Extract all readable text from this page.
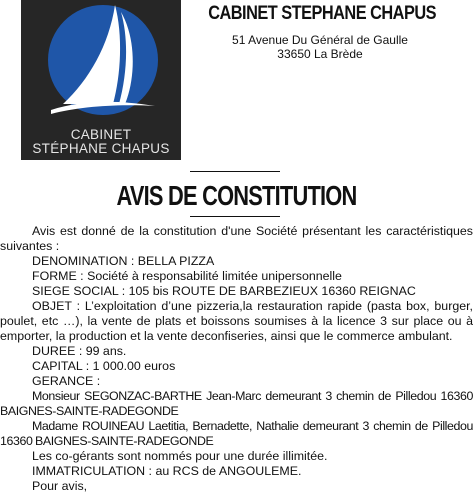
CABINET
STÉPHANE CHAPUS
CABINET STEPHANE CHAPUS
51 Avenue Du Général de Gaulle
33650 La Brède
AVIS DE CONSTITUTION

Avis est donné de la constitution d'une Société présentant les caractéristiques suivantes :

DENOMINATION : BELLA PIZZA

FORME : Société à responsabilité limitée unipersonnelle

SIEGE SOCIAL : 105 bis ROUTE DE BARBEZIEUX 16360 REIGNAC

OBJET : L’exploitation d’une pizzeria,la restauration rapide (pasta box, burger, poulet, etc …), la vente de plats et boissons soumises à la licence 3 sur place ou à emporter, la production et la vente deconfiseries, ainsi que le commerce ambulant.

DUREE : 99 ans.

CAPITAL : 1 000.00 euros

GERANCE :

Monsieur SEGONZAC-BARTHE Jean-Marc demeurant 3 chemin de Pilledou 16360 BAIGNES-SAINTE-RADEGONDE

Madame ROUINEAU Laetitia, Bernadette, Nathalie demeurant 3 chemin de Pilledou 16360 BAIGNES-SAINTE-RADEGONDE

Les co-gérants sont nommés pour une durée illimitée.

IMMATRICULATION : au RCS de ANGOULEME.

Pour avis,
